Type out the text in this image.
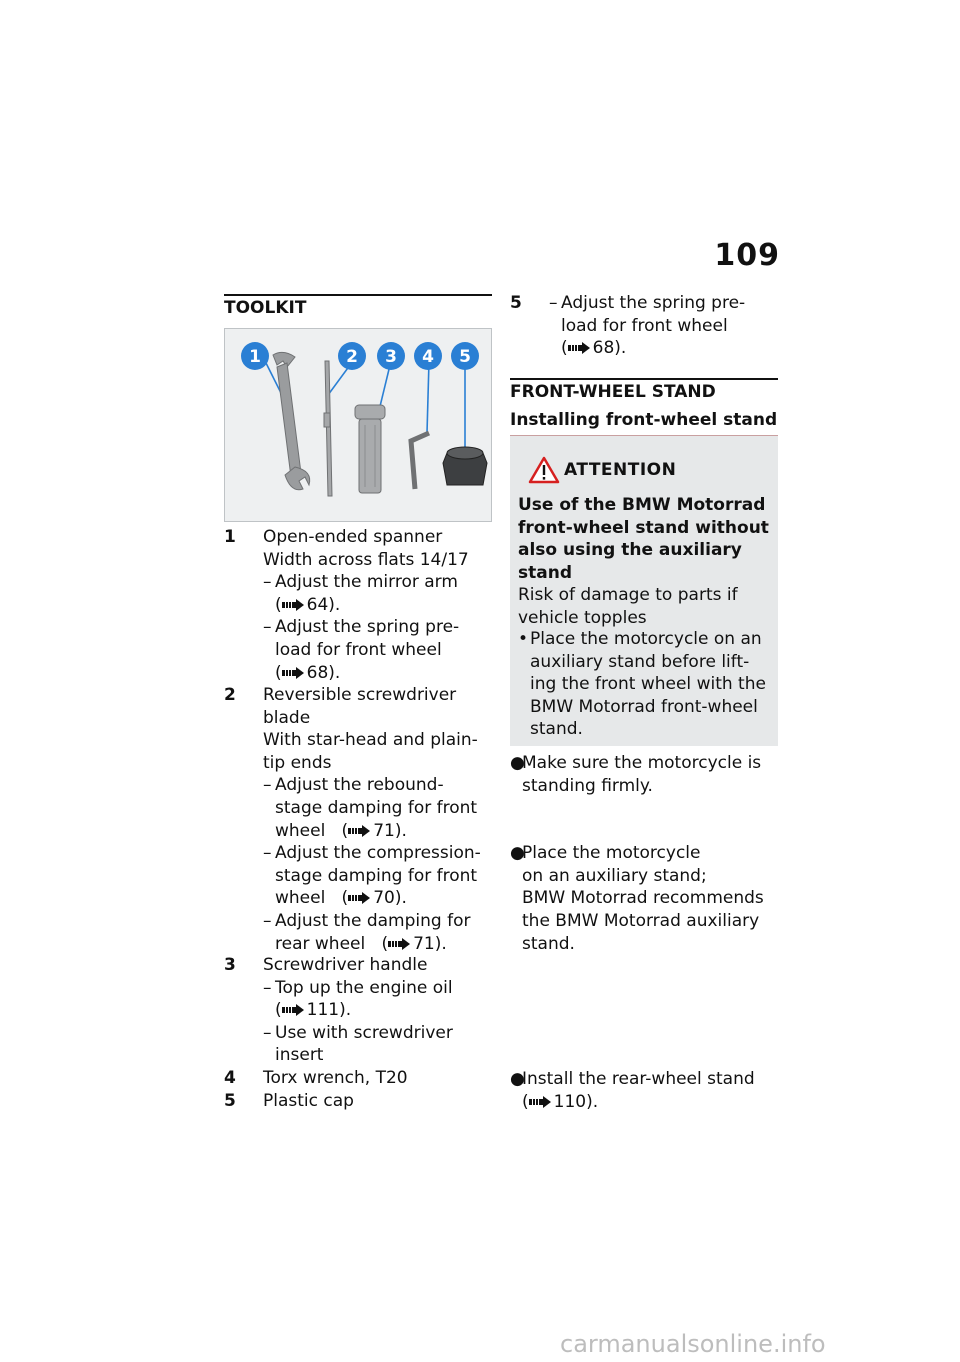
109
TOOLKIT
1	2 3 4 5
1 Open-ended spanner
Width across flats 14/17
– Adjust the mirror arm
( 64).
– Adjust the spring pre-
load for front wheel
( 68).
2 Reversible screwdriver
blade
With star-head and plain-
tip ends
– Adjust the rebound-
stage damping for front
wheel ( 71).
– Adjust the compression-
stage damping for front
wheel ( 70).
– Adjust the damping for
rear wheel ( 71).
3 Screwdriver handle
– Top up the engine oil
( 111).
– Use with screwdriver
insert
4 Torx wrench, T20
5 Plastic cap
5 – Adjust the spring pre-
load for front wheel
( 68).
FRONT-WHEEL STAND
Installing front-wheel stand
ATTENTION
Use of the BMW Motorrad
front-wheel stand without
also using the auxiliary
stand
Risk of damage to parts if
vehicle topples
• Place the motorcycle on an
auxiliary stand before lift-
ing the front wheel with the
BMW Motorrad front-wheel
stand.
●
Make sure the motorcycle is
standing firmly.
●
Place the motorcycle
on an auxiliary stand;
BMW Motorrad recommends
the BMW Motorrad auxiliary
stand.
●
Install the rear-wheel stand
( 110).
carmanualsonline.info
